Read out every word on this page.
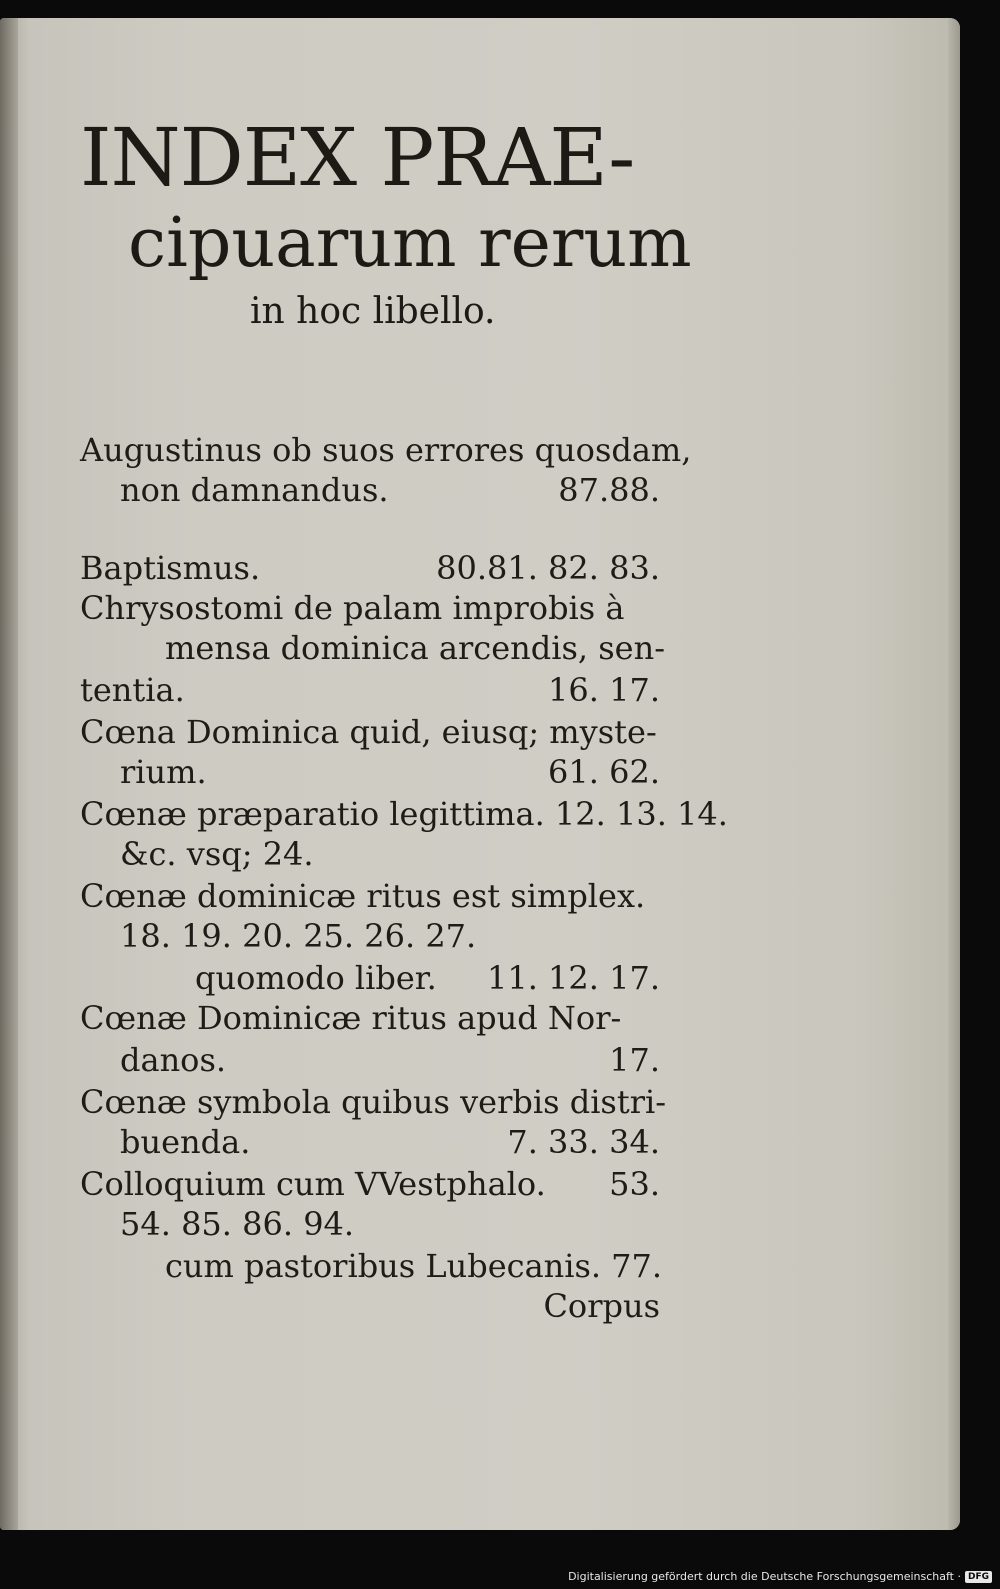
INDEX PRAE-
cipuarum rerum
in hoc libello.
Augustinus ob suos errores quosdam,
non damnandus.	87.88.
Baptismus.	80.81. 82. 83.
Chrysostomi de palam improbis à
mensa dominica arcendis, sen-
tentia.	16. 17.
Cœna Dominica quid, eiusq; myste-
rium.	61. 62.
Cœnæ præparatio legittima. 12. 13. 14.
&c. vsq; 24.
Cœnæ dominicæ ritus est simplex.
18. 19. 20. 25. 26. 27.
quomodo liber. 11. 12. 17.
Cœnæ Dominicæ ritus apud Nor-
danos.	17.
Cœnæ symbola quibus verbis distri-
buenda.	7. 33. 34.
Colloquium cum VVestphalo. 53.
54. 85. 86. 94.
cum pastoribus Lubecanis. 77.
Corpus
Digitalisierung gefördert durch die Deutsche Forschungsgemeinschaft · DFG
